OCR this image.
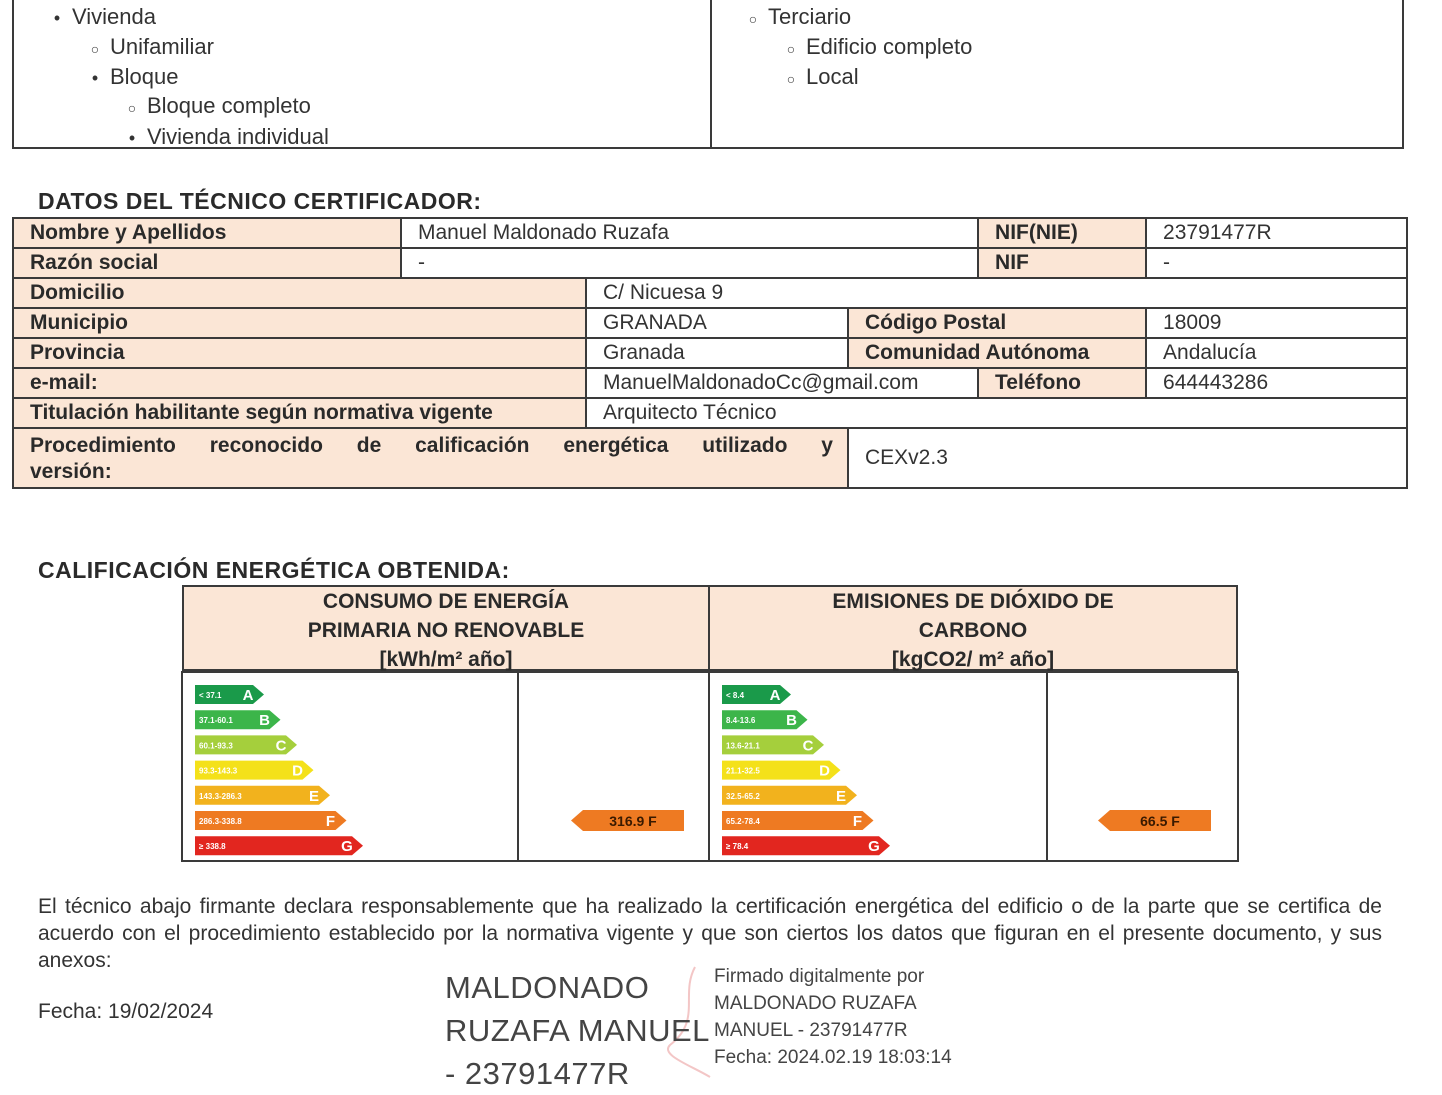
• Vivienda
○ Unifamiliar
• Bloque
○ Bloque completo
• Vivienda individual
○ Terciario
○ Edificio completo
○ Local
DATOS DEL TÉCNICO CERTIFICADOR:
Nombre y Apellidos	Manuel Maldonado Ruzafa			NIF(NIE)	23791477R
Razón social	-			NIF	-
Domicilio		C/ Nicuesa 9			
Municipio		GRANADA	Código Postal		18009
Provincia		Granada	Comunidad Autónoma		Andalucía
e-mail:		ManuelMaldonadoCc@gmail.com		Teléfono	644443286
Titulación habilitante según normativa vigente		Arquitecto Técnico			
Procedimiento reconocido de calificación energética utilizado y
versión:			CEXv2.3		
CALIFICACIÓN ENERGÉTICA OBTENIDA:
CONSUMO DE ENERGÍA
PRIMARIA NO RENOVABLE
[kWh/m² año]
EMISIONES DE DIÓXIDO DE
CARBONO
[kgCO2/ m² año]
< 37.1 A
37.1-60.1 B
60.1-93.3	C
93.3-143.3	D
143.3-286.3	E
286.3-338.8	F
≥ 338.8	G
316.9 F
< 8.4 A
8.4-13.6 B
13.6-21.1	C
21.1-32.5	D
32.5-65.2	E
65.2-78.4	F
≥ 78.4	G
66.5 F
El técnico abajo firmante declara responsablemente que ha realizado la certificación energética del edificio o de la parte que se certifica de acuerdo con el procedimiento establecido por la normativa vigente y que son ciertos los datos que figuran en el presente documento, y sus anexos:
Fecha: 19/02/2024
MALDONADO
RUZAFA MANUEL
- 23791477R
Firmado digitalmente por
MALDONADO RUZAFA
MANUEL - 23791477R
Fecha: 2024.02.19 18:03:14
